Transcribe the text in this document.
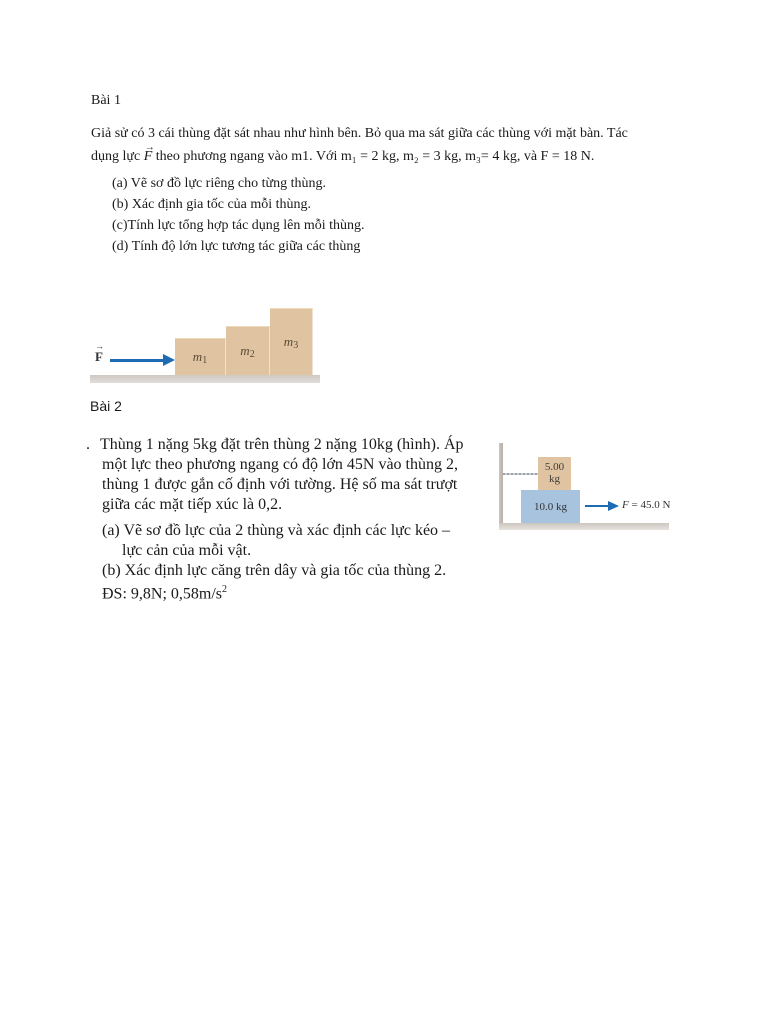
Bài 1
Giả sử có 3 cái thùng đặt sát nhau như hình bên. Bỏ qua ma sát giữa các thùng với mặt bàn. Tác
dụng lực → F theo phương ngang vào m1. Với m₁ = 2 kg, m₂ = 3 kg, m₃= 4 kg, và F = 18 N.
(a) Vẽ sơ đồ lực riêng cho từng thùng.
(b) Xác định gia tốc của mỗi thùng.
(c)Tính lực tổng hợp tác dụng lên mỗi thùng.
(d) Tính độ lớn lực tương tác giữa các thùng
→ F	$m_1$
$m_2$
$m_3$
Bài 2
. Thùng 1 nặng 5kg đặt trên thùng 2 nặng 10kg (hình). Áp
một lực theo phương ngang có độ lớn 45N vào thùng 2,
thùng 1 được gắn cố định với tường. Hệ số ma sát trượt
giữa các mặt tiếp xúc là 0,2.
(a) Vẽ sơ đồ lực của 2 thùng và xác định các lực kéo –
lực cản của mỗi vật.
(b) Xác định lực căng trên dây và gia tốc của thùng 2.
ĐS: 9,8N; $0,58m/s^2$
5.00
kg
10.0 kg	F = 45.0 N
